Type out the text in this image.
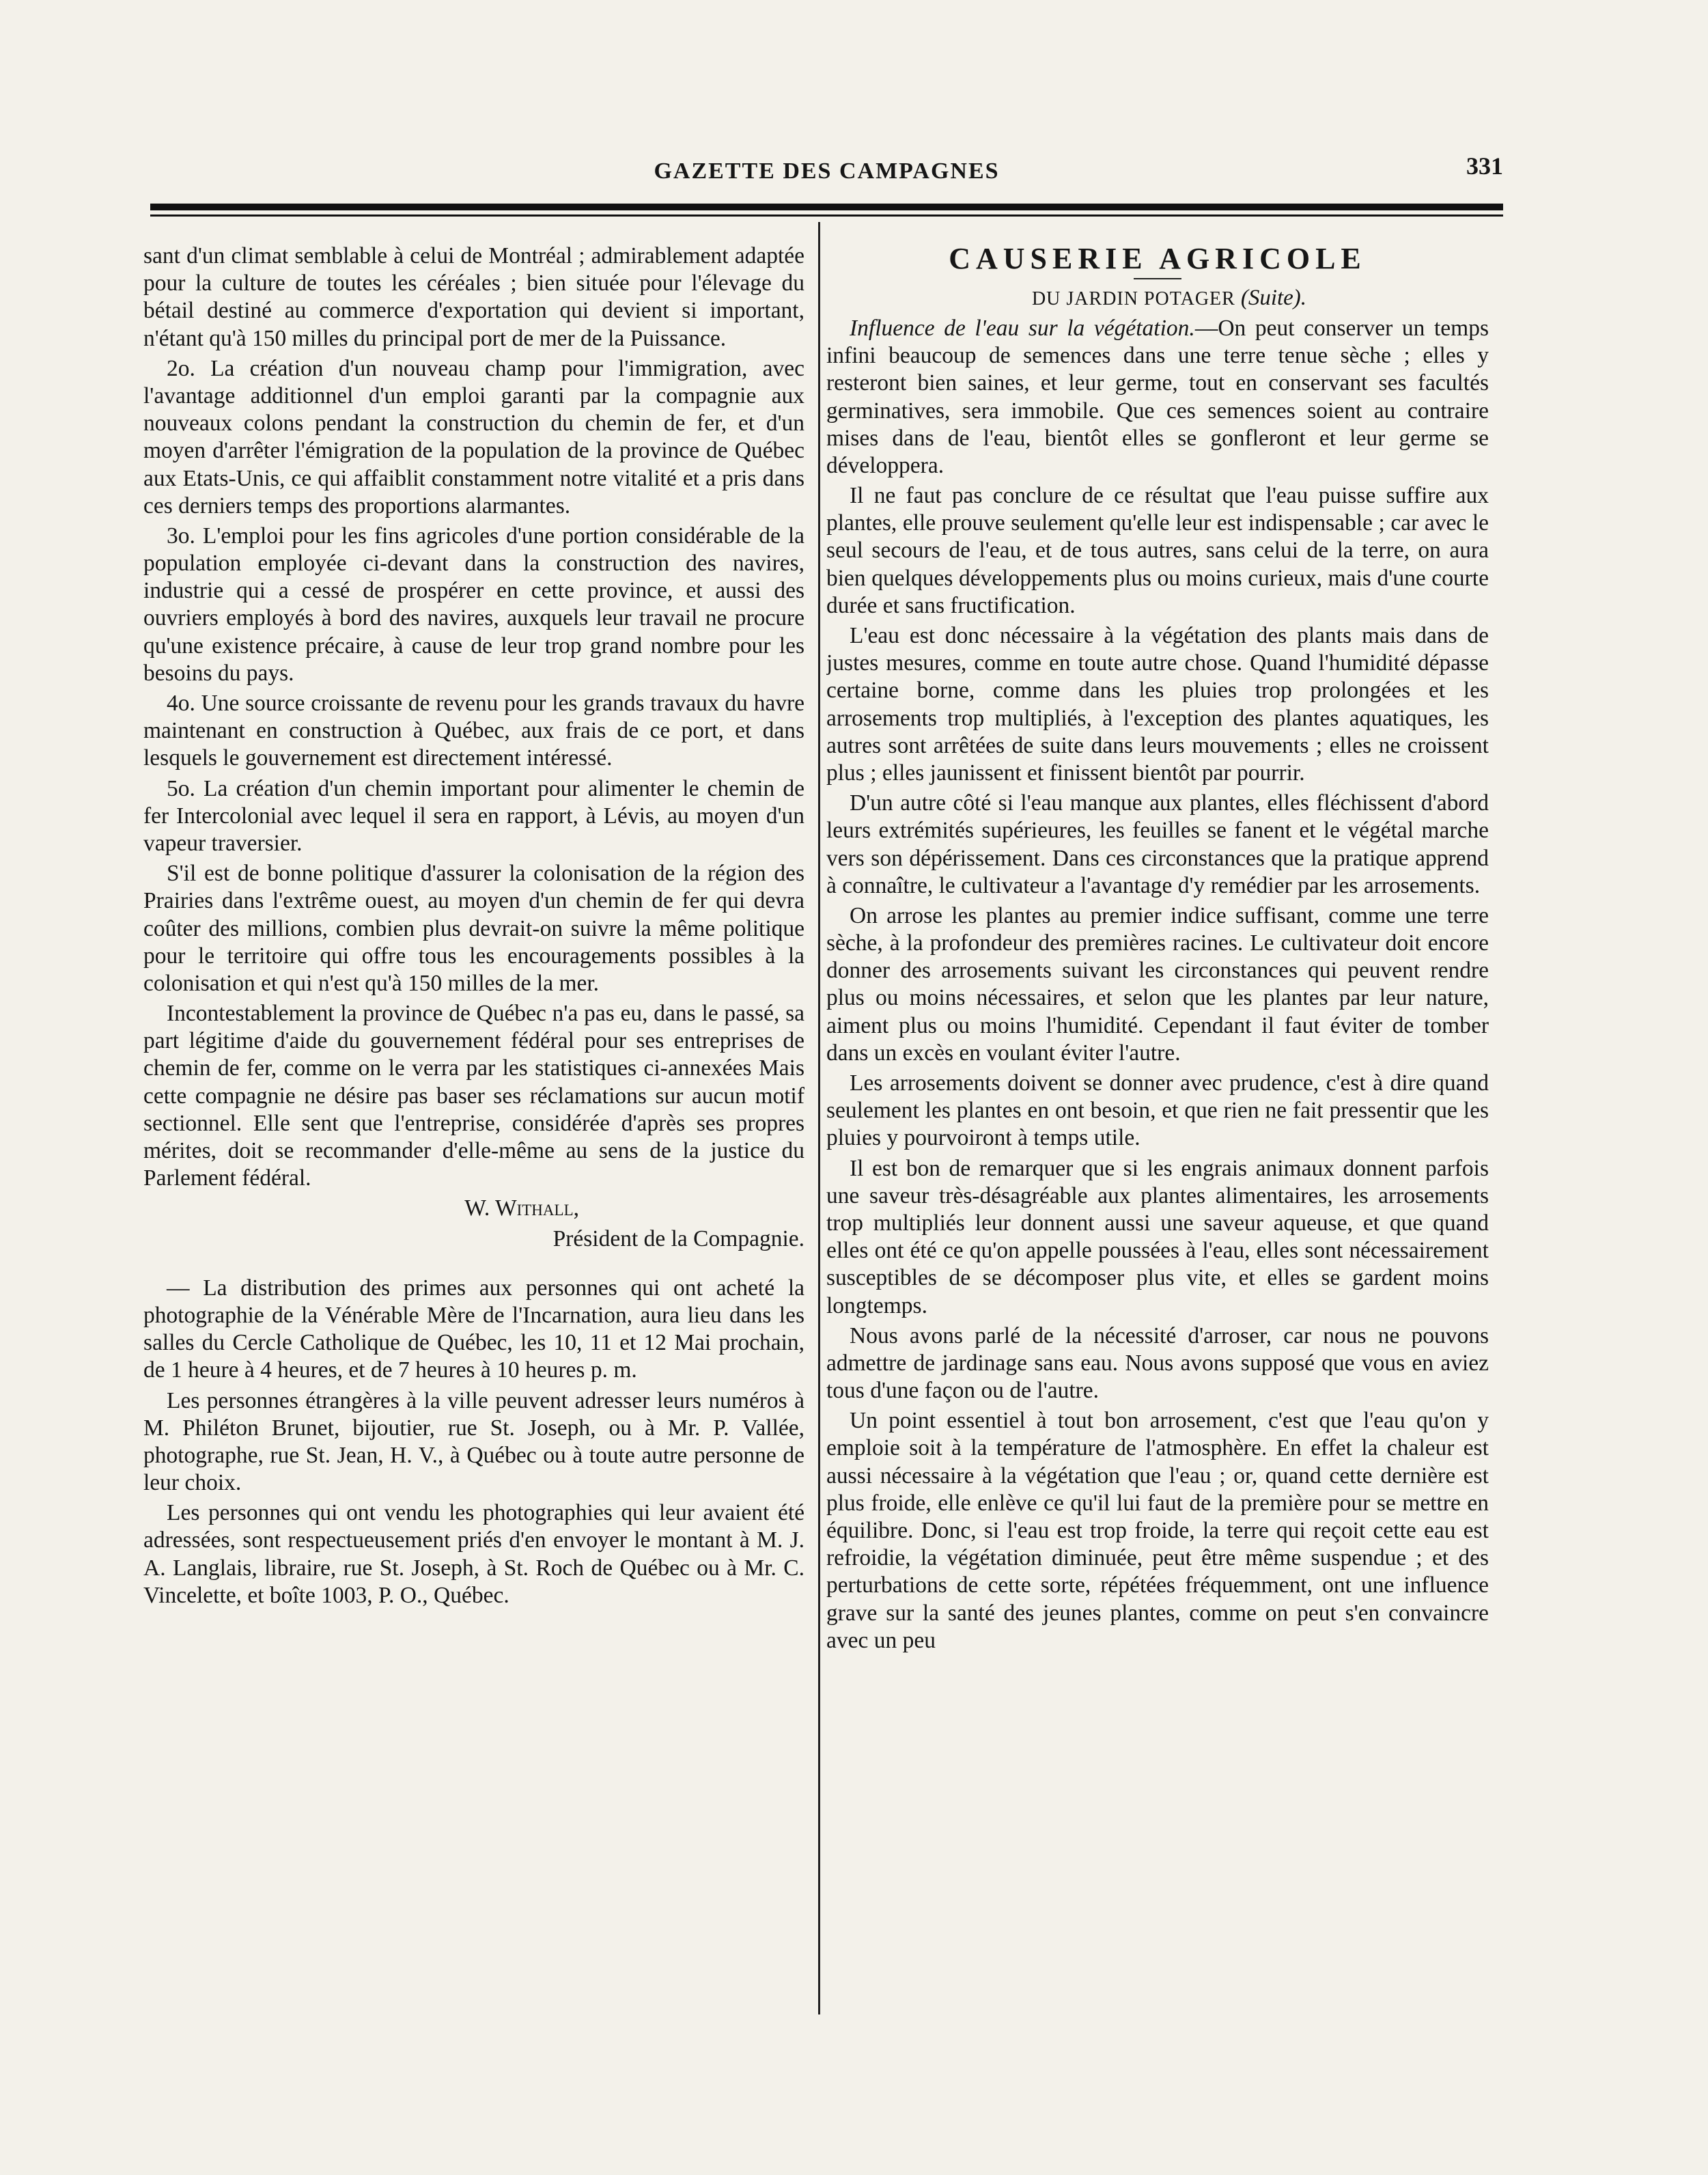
GAZETTE DES CAMPAGNES	331

sant d'un climat semblable à celui de Montréal ; admirablement adaptée pour la culture de toutes les céréales ; bien située pour l'élevage du bétail destiné au commerce d'exportation qui devient si important, n'étant qu'à 150 milles du principal port de mer de la Puissance.

2o. La création d'un nouveau champ pour l'immigration, avec l'avantage additionnel d'un emploi garanti par la compagnie aux nouveaux colons pendant la construction du chemin de fer, et d'un moyen d'arrêter l'émigration de la population de la province de Québec aux Etats-Unis, ce qui affaiblit constamment notre vitalité et a pris dans ces derniers temps des proportions alarmantes.

3o. L'emploi pour les fins agricoles d'une portion considérable de la population employée ci-devant dans la construction des navires, industrie qui a cessé de prospérer en cette province, et aussi des ouvriers employés à bord des navires, auxquels leur travail ne procure qu'une existence précaire, à cause de leur trop grand nombre pour les besoins du pays.

4o. Une source croissante de revenu pour les grands travaux du havre maintenant en construction à Québec, aux frais de ce port, et dans lesquels le gouvernement est directement intéressé.

5o. La création d'un chemin important pour alimenter le chemin de fer Intercolonial avec lequel il sera en rapport, à Lévis, au moyen d'un vapeur traversier.

S'il est de bonne politique d'assurer la colonisation de la région des Prairies dans l'extrême ouest, au moyen d'un chemin de fer qui devra coûter des millions, combien plus devrait-on suivre la même politique pour le territoire qui offre tous les encouragements possibles à la colonisation et qui n'est qu'à 150 milles de la mer.

Incontestablement la province de Québec n'a pas eu, dans le passé, sa part légitime d'aide du gouvernement fédéral pour ses entreprises de chemin de fer, comme on le verra par les statistiques ci-annexées Mais cette compagnie ne désire pas baser ses réclamations sur aucun motif sectionnel. Elle sent que l'entreprise, considérée d'après ses propres mérites, doit se recommander d'elle-même au sens de la justice du Parlement fédéral.

W. Withall,

Président de la Compagnie.

— La distribution des primes aux personnes qui ont acheté la photographie de la Vénérable Mère de l'Incarnation, aura lieu dans les salles du Cercle Catholique de Québec, les 10, 11 et 12 Mai prochain, de 1 heure à 4 heures, et de 7 heures à 10 heures p. m.

Les personnes étrangères à la ville peuvent adresser leurs numéros à M. Philéton Brunet, bijoutier, rue St. Joseph, ou à Mr. P. Vallée, photographe, rue St. Jean, H. V., à Québec ou à toute autre personne de leur choix.

Les personnes qui ont vendu les photographies qui leur avaient été adressées, sont respectueusement priés d'en envoyer le montant à M. J. A. Langlais, libraire, rue St. Joseph, à St. Roch de Québec ou à Mr. C. Vincelette, et boîte 1003, P. O., Québec.

CAUSERIE AGRICOLE

DU JARDIN POTAGER (Suite).

Influence de l'eau sur la végétation.—On peut conserver un temps infini beaucoup de semences dans une terre tenue sèche ; elles y resteront bien saines, et leur germe, tout en conservant ses facultés germinatives, sera immobile. Que ces semences soient au contraire mises dans de l'eau, bientôt elles se gonfleront et leur germe se développera.

Il ne faut pas conclure de ce résultat que l'eau puisse suffire aux plantes, elle prouve seulement qu'elle leur est indispensable ; car avec le seul secours de l'eau, et de tous autres, sans celui de la terre, on aura bien quelques développements plus ou moins curieux, mais d'une courte durée et sans fructification.

L'eau est donc nécessaire à la végétation des plants mais dans de justes mesures, comme en toute autre chose. Quand l'humidité dépasse certaine borne, comme dans les pluies trop prolongées et les arrosements trop multipliés, à l'exception des plantes aquatiques, les autres sont arrêtées de suite dans leurs mouvements ; elles ne croissent plus ; elles jaunissent et finissent bientôt par pourrir.

D'un autre côté si l'eau manque aux plantes, elles fléchissent d'abord leurs extrémités supérieures, les feuilles se fanent et le végétal marche vers son dépérissement. Dans ces circonstances que la pratique apprend à connaître, le cultivateur a l'avantage d'y remédier par les arrosements.

On arrose les plantes au premier indice suffisant, comme une terre sèche, à la profondeur des premières racines. Le cultivateur doit encore donner des arrosements suivant les circonstances qui peuvent rendre plus ou moins nécessaires, et selon que les plantes par leur nature, aiment plus ou moins l'humidité. Cependant il faut éviter de tomber dans un excès en voulant éviter l'autre.

Les arrosements doivent se donner avec prudence, c'est à dire quand seulement les plantes en ont besoin, et que rien ne fait pressentir que les pluies y pourvoiront à temps utile.

Il est bon de remarquer que si les engrais animaux donnent parfois une saveur très-désagréable aux plantes alimentaires, les arrosements trop multipliés leur donnent aussi une saveur aqueuse, et que quand elles ont été ce qu'on appelle poussées à l'eau, elles sont nécessairement susceptibles de se décomposer plus vite, et elles se gardent moins longtemps.

Nous avons parlé de la nécessité d'arroser, car nous ne pouvons admettre de jardinage sans eau. Nous avons supposé que vous en aviez tous d'une façon ou de l'autre.

Un point essentiel à tout bon arrosement, c'est que l'eau qu'on y emploie soit à la température de l'atmosphère. En effet la chaleur est aussi nécessaire à la végétation que l'eau ; or, quand cette dernière est plus froide, elle enlève ce qu'il lui faut de la première pour se mettre en équilibre. Donc, si l'eau est trop froide, la terre qui reçoit cette eau est refroidie, la végétation diminuée, peut être même suspendue ; et des perturbations de cette sorte, répétées fréquemment, ont une influence grave sur la santé des jeunes plantes, comme on peut s'en convaincre avec un peu
